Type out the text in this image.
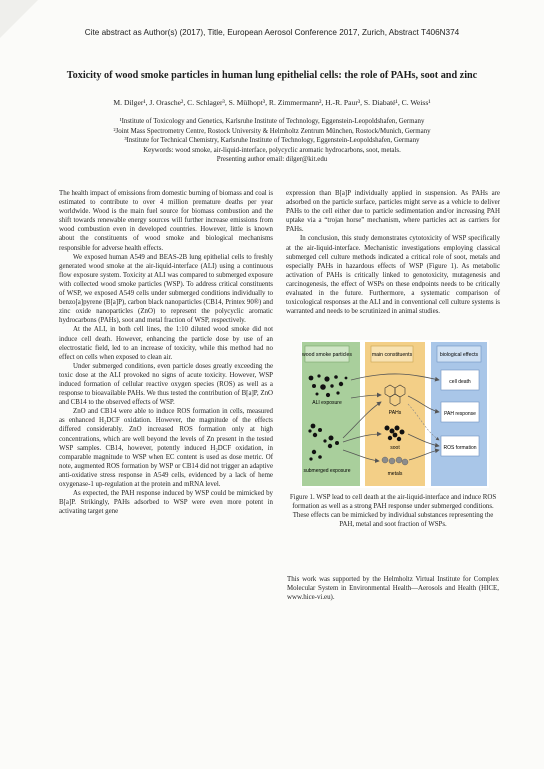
Cite abstract as Author(s) (2017), Title, European Aerosol Conference 2017, Zurich, Abstract T406N374
Toxicity of wood smoke particles in human lung epithelial cells: the role of PAHs, soot and zinc
M. Dilger¹, J. Orasche², C. Schlager³, S. Mülhopt³, R. Zimmermann², H.-R. Paur³, S. Diabaté¹, C. Weiss¹
¹Institute of Toxicology and Genetics, Karlsruhe Institute of Technology, Eggenstein-Leopoldshafen, Germany
²Joint Mass Spectrometry Centre, Rostock University & Helmholtz Zentrum München, Rostock/Munich, Germany
³Institute for Technical Chemistry, Karlsruhe Institute of Technology, Eggenstein-Leopoldshafen, Germany
Keywords: wood smoke, air-liquid-interface, polycyclic aromatic hydrocarbons, soot, metals.
Presenting author email: dilger@kit.edu

The health impact of emissions from domestic burning of biomass and coal is estimated to contribute to over 4 million premature deaths per year worldwide. Wood is the main fuel source for biomass combustion and the shift towards renewable energy sources will further increase emissions from wood combustion even in developed countries. However, little is known about the constituents of wood smoke and biological mechanisms responsible for adverse health effects.

We exposed human A549 and BEAS-2B lung epithelial cells to freshly generated wood smoke at the air-liquid-interface (ALI) using a continuous flow exposure system. Toxicity at ALI was compared to submerged exposure with collected wood smoke particles (WSP). To address critical constituents of WSP, we exposed A549 cells under submerged conditions individually to benzo[a]pyrene (B[a]P), carbon black nanoparticles (CB14, Printex 90®) and zinc oxide nanoparticles (ZnO) to represent the polycyclic aromatic hydrocarbons (PAHs), soot and metal fraction of WSP, respectively.

At the ALI, in both cell lines, the 1:10 diluted wood smoke did not induce cell death. However, enhancing the particle dose by use of an electrostatic field, led to an increase of toxicity, while this method had no effect on cells when exposed to clean air.

Under submerged conditions, even particle doses greatly exceeding the toxic dose at the ALI provoked no signs of acute toxicity. However, WSP induced formation of cellular reactive oxygen species (ROS) as well as a response to bioavailable PAHs. We thus tested the contribution of B[a]P, ZnO and CB14 to the observed effects of WSP.

ZnO and CB14 were able to induce ROS formation in cells, measured as enhanced H₂DCF oxidation. However, the magnitude of the effects differed considerably. ZnO increased ROS formation only at high concentrations, which are well beyond the levels of Zn present in the tested WSP samples. CB14, however, potently induced H₂DCF oxidation, in comparable magnitude to WSP when EC content is used as dose metric. Of note, augmented ROS formation by WSP or CB14 did not trigger an adaptive anti-oxidative stress response in A549 cells, evidenced by a lack of heme oxygenase-1 up-regulation at the protein and mRNA level.

As expected, the PAH response induced by WSP could be mimicked by B[a]P. Strikingly, PAHs adsorbed to WSP were even more potent in activating target gene

expression than B[a]P individually applied in suspension. As PAHs are adsorbed on the particle surface, particles might serve as a vehicle to deliver PAHs to the cell either due to particle sedimentation and/or increasing PAH uptake via a “trojan horse” mechanism, where particles act as carriers for PAHs.

In conclusion, this study demonstrates cytotoxicity of WSP specifically at the air-liquid-interface. Mechanistic investigations employing classical submerged cell culture methods indicated a critical role of soot, metals and especially PAHs in hazardous effects of WSP (Figure 1). As metabolic activation of PAHs is critically linked to genotoxicity, mutagenesis and carcinogenesis, the effect of WSPs on these endpoints needs to be critically evaluated in the future. Furthermore, a systematic comparison of toxicological responses at the ALI and in conventional cell culture systems is warranted and needs to be scrutinized in animal studies.

wood smoke particles	main constituents	biological effects
ALI exposure
submerged exposure
PAHs
soot
metals
cell death
PAH response
ROS formation
Figure 1. WSP lead to cell death at the air-liquid-interface and induce ROS formation as well as a strong PAH response under submerged conditions. These effects can be mimicked by individual substances representing the PAH, metal and soot fraction of WSPs.
This work was supported by the Helmholtz Virtual Institute for Complex Molecular System in Environmental Health—Aerosols and Health (HICE, www.hice-vi.eu).
